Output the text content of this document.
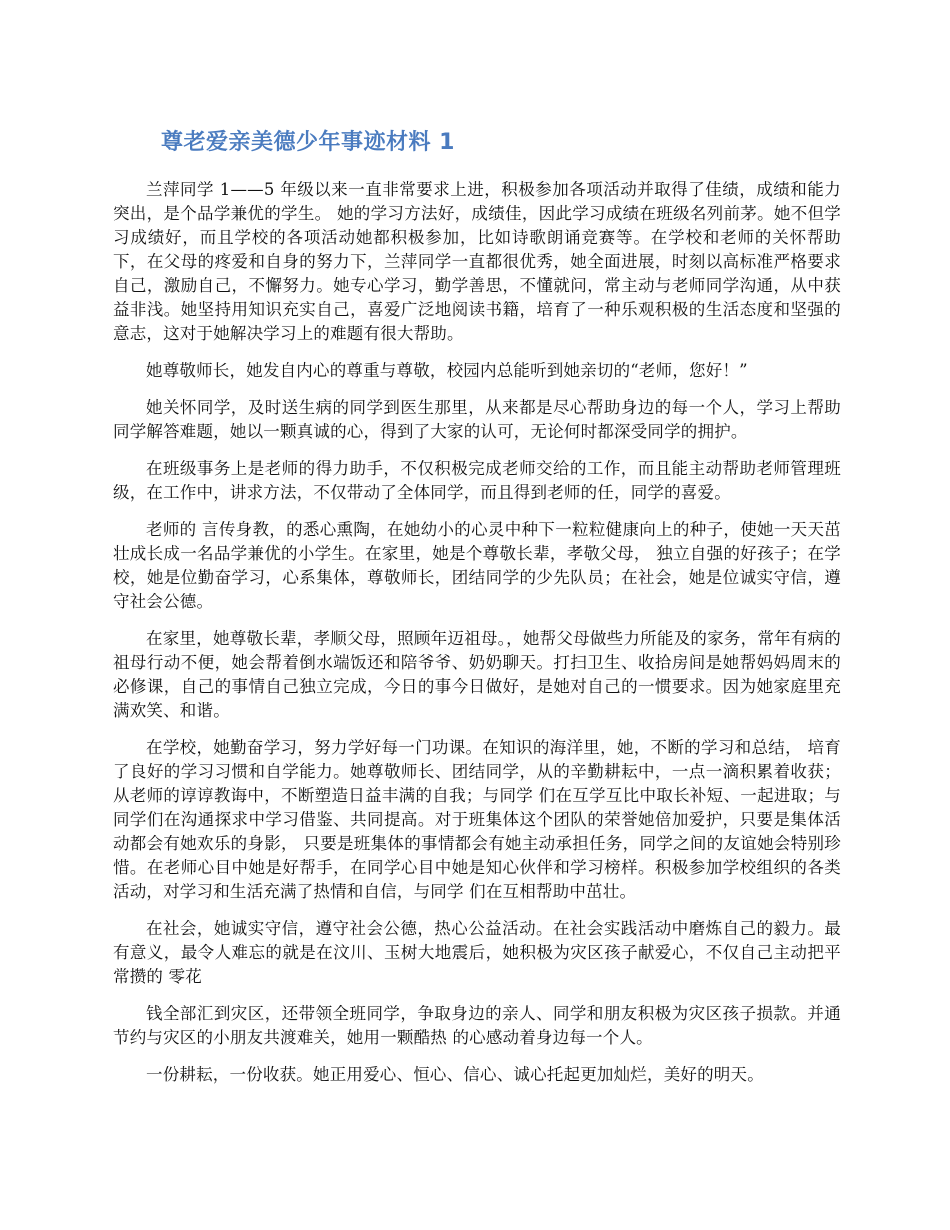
尊老爱亲美德少年事迹材料 1

兰萍同学 1——5 年级以来一直非常要求上进，积极参加各项活动并取得了佳绩，成绩和能力突出，是个品学兼优的学生。 她的学习方法好，成绩佳，因此学习成绩在班级名列前茅。她不但学习成绩好，而且学校的各项活动她都积极参加，比如诗歌朗诵竞赛等。在学校和老师的关怀帮助下，在父母的疼爱和自身的努力下，兰萍同学一直都很优秀，她全面进展，时刻以高标准严格要求自己，激励自己，不懈努力。她专心学习，勤学善思，不懂就问，常主动与老师同学沟通，从中获益非浅。她坚持用知识充实自己，喜爱广泛地阅读书籍，培育了一种乐观积极的生活态度和坚强的意志，这对于她解决学习上的难题有很大帮助。

她尊敬师长，她发自内心的尊重与尊敬，校园内总能听到她亲切的“老师，您好！”

她关怀同学，及时送生病的同学到医生那里，从来都是尽心帮助身边的每一个人，学习上帮助同学解答难题，她以一颗真诚的心，得到了大家的认可，无论何时都深受同学的拥护。

在班级事务上是老师的得力助手，不仅积极完成老师交给的工作，而且能主动帮助老师管理班级，在工作中，讲求方法，不仅带动了全体同学，而且得到老师的任，同学的喜爱。

老师的 言传身教，的悉心熏陶，在她幼小的心灵中种下一粒粒健康向上的种子，使她一天天茁壮成长成一名品学兼优的小学生。在家里，她是个尊敬长辈，孝敬父母， 独立自强的好孩子；在学校，她是位勤奋学习，心系集体，尊敬师长，团结同学的少先队员；在社会，她是位诚实守信，遵守社会公德。

在家里，她尊敬长辈，孝顺父母，照顾年迈祖母。，她帮父母做些力所能及的家务，常年有病的祖母行动不便，她会帮着倒水端饭还和陪爷爷、奶奶聊天。打扫卫生、收拾房间是她帮妈妈周末的必修课，自己的事情自己独立完成，今日的事今日做好，是她对自己的一惯要求。因为她家庭里充满欢笑、和谐。

在学校，她勤奋学习，努力学好每一门功课。在知识的海洋里，她，不断的学习和总结， 培育了良好的学习习惯和自学能力。她尊敬师长、团结同学，从的辛勤耕耘中，一点一滴积累着收获；从老师的谆谆教诲中，不断塑造日益丰满的自我；与同学 们在互学互比中取长补短、一起进取；与同学们在沟通探求中学习借鉴、共同提高。对于班集体这个团队的荣誉她倍加爱护，只要是集体活动都会有她欢乐的身影， 只要是班集体的事情都会有她主动承担任务，同学之间的友谊她会特别珍惜。在老师心目中她是好帮手，在同学心目中她是知心伙伴和学习榜样。积极参加学校组织的各类活动，对学习和生活充满了热情和自信，与同学 们在互相帮助中茁壮。

在社会，她诚实守信，遵守社会公德，热心公益活动。在社会实践活动中磨炼自己的毅力。最有意义，最令人难忘的就是在汶川、玉树大地震后，她积极为灾区孩子献爱心，不仅自己主动把平常攒的 零花

钱全部汇到灾区，还带领全班同学，争取身边的亲人、同学和朋友积极为灾区孩子损款。并通节约与灾区的小朋友共渡难关，她用一颗酷热 的心感动着身边每一个人。

一份耕耘，一份收获。她正用爱心、恒心、信心、诚心托起更加灿烂，美好的明天。
